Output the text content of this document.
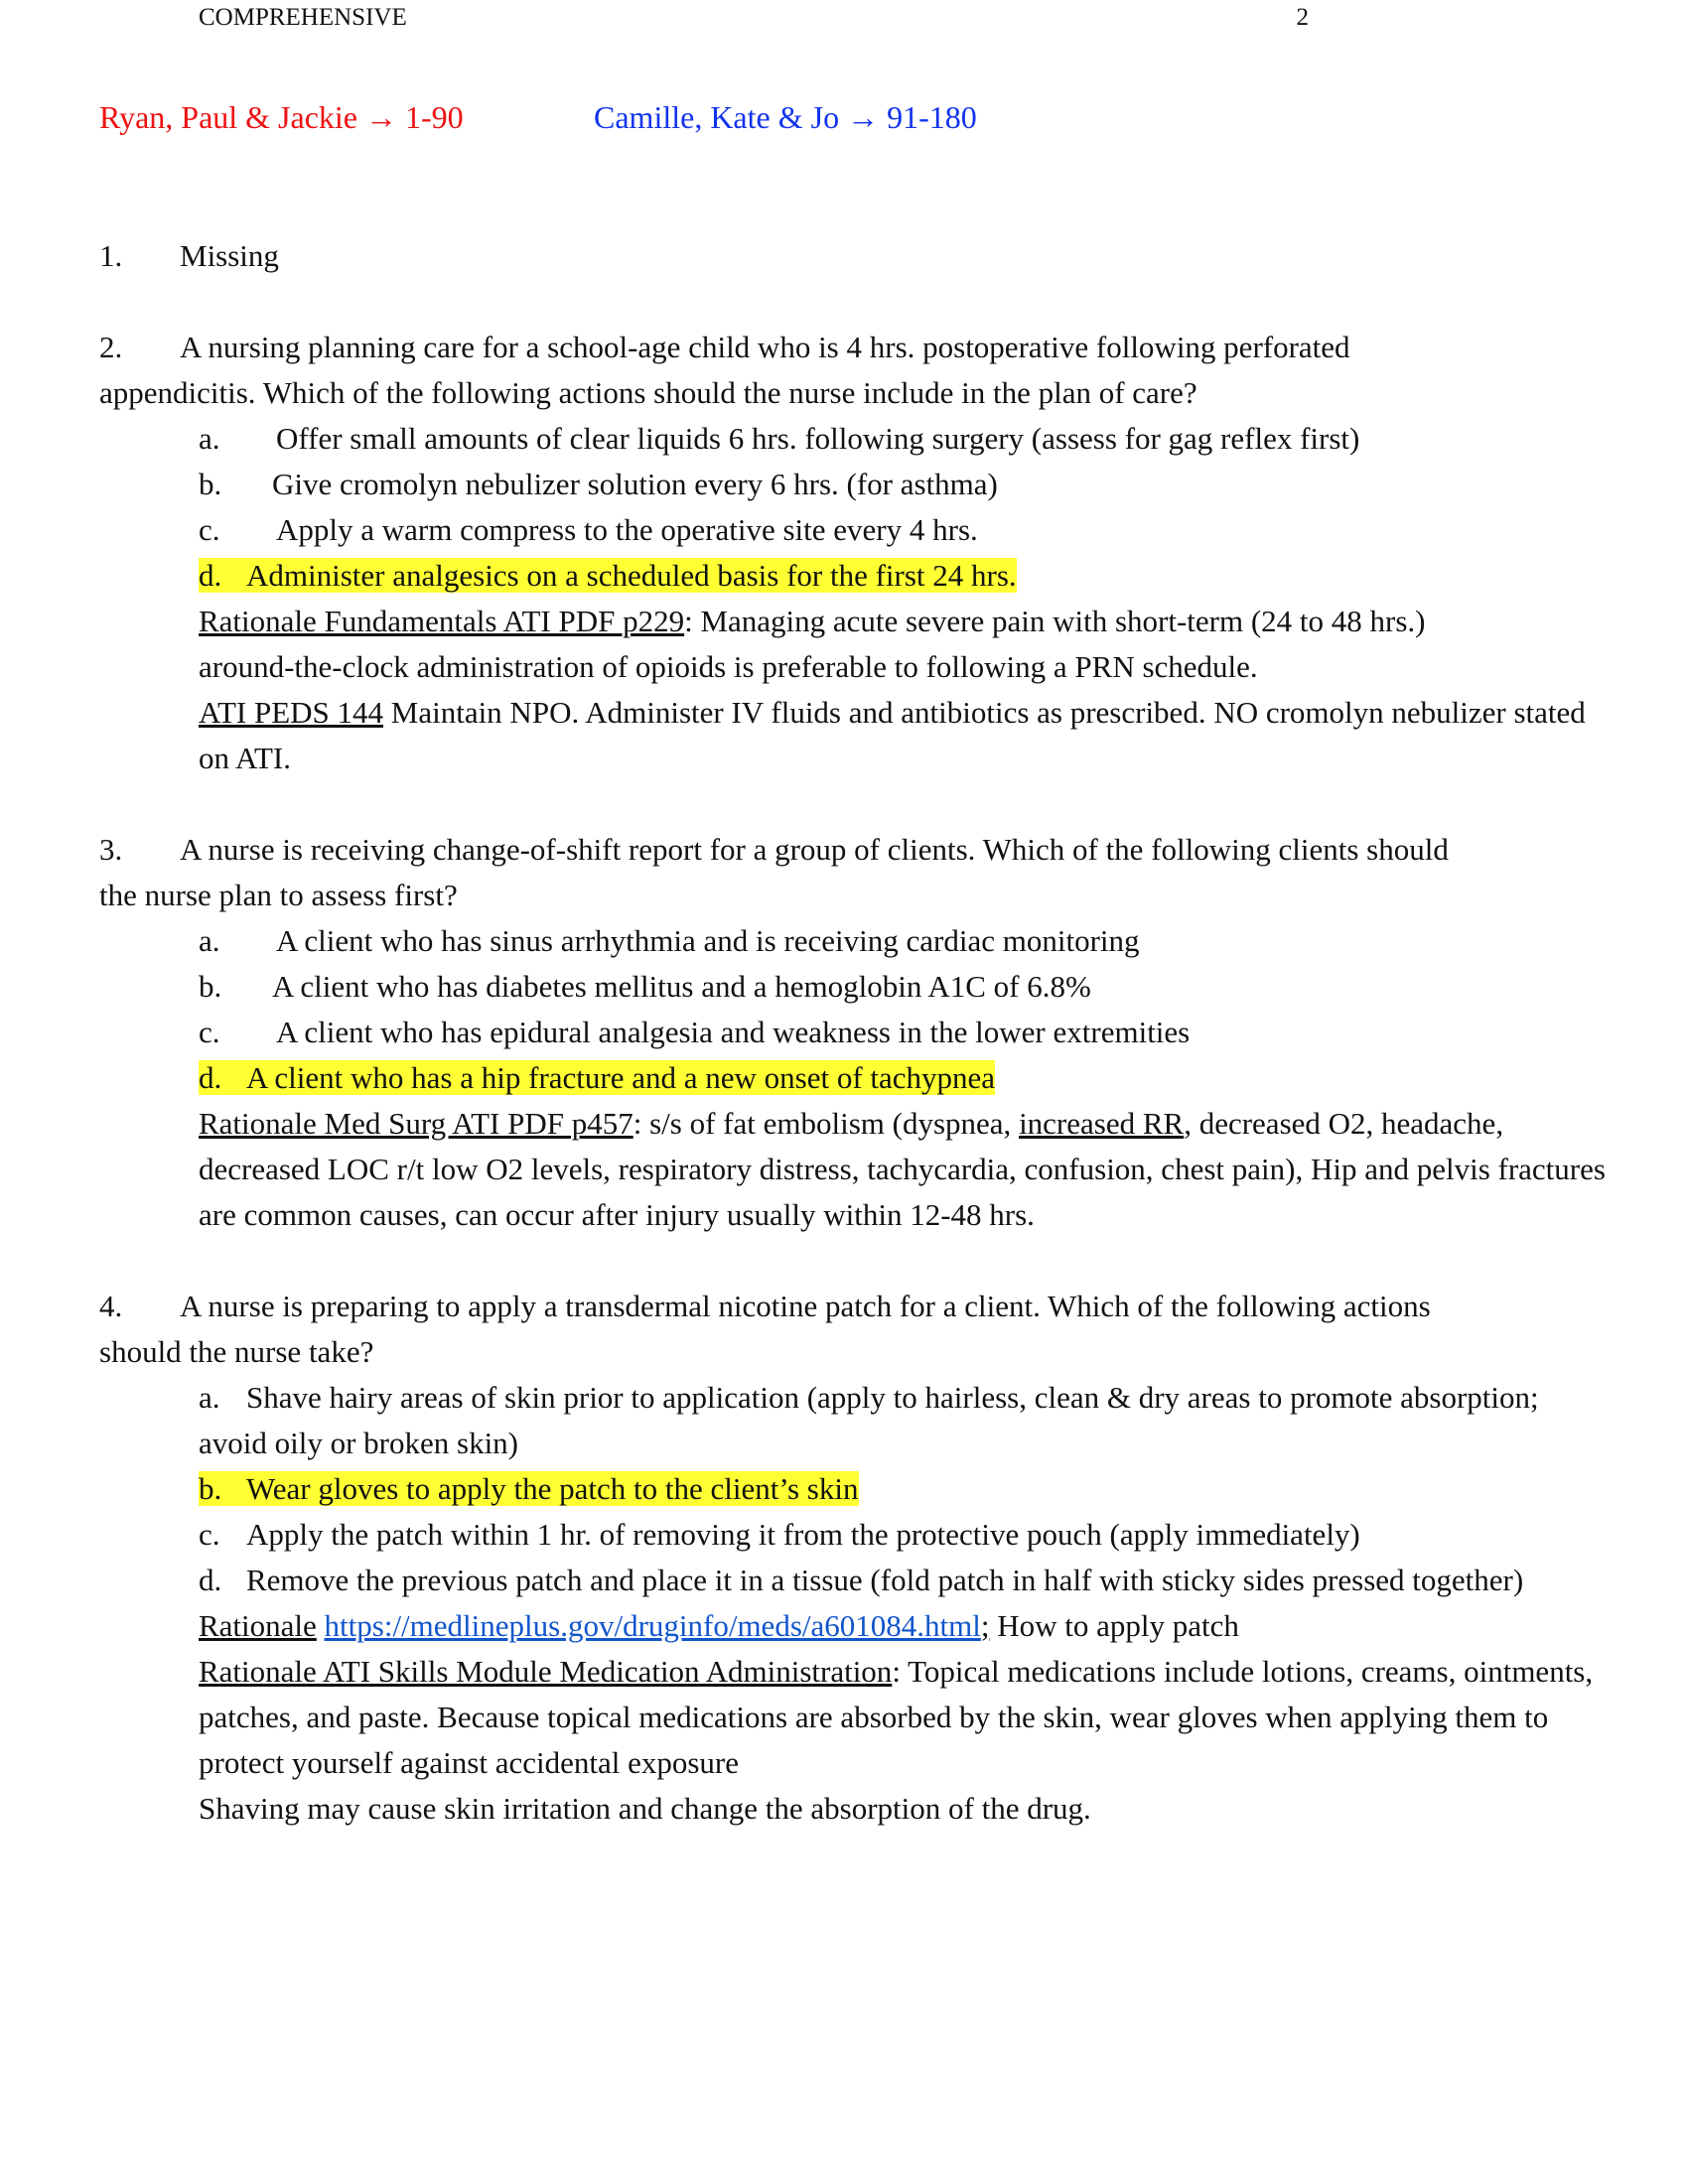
COMPREHENSIVE	2
Ryan, Paul & Jackie → 1-90	Camille, Kate & Jo → 91-180

1. Missing

2. A nursing planning care for a school-age child who is 4 hrs. postoperative following perforated

appendicitis. Which of the following actions should the nurse include in the plan of care?

a. Offer small amounts of clear liquids 6 hrs. following surgery (assess for gag reflex first)

b. Give cromolyn nebulizer solution every 6 hrs. (for asthma)

c. Apply a warm compress to the operative site every 4 hrs.

d. Administer analgesics on a scheduled basis for the first 24 hrs.

Rationale Fundamentals ATI PDF p229: Managing acute severe pain with short‑term (24 to 48 hrs.) around‑the‑clock administration of opioids is preferable to following a PRN schedule.

ATI PEDS 144 Maintain NPO. Administer IV fluids and antibiotics as prescribed. NO cromolyn nebulizer stated on ATI.

3. A nurse is receiving change-of-shift report for a group of clients. Which of the following clients should

the nurse plan to assess first?

a. A client who has sinus arrhythmia and is receiving cardiac monitoring

b. A client who has diabetes mellitus and a hemoglobin A1C of 6.8%

c. A client who has epidural analgesia and weakness in the lower extremities

d. A client who has a hip fracture and a new onset of tachypnea

Rationale Med Surg ATI PDF p457: s/s of fat embolism (dyspnea, increased RR, decreased O2, headache, decreased LOC r/t low O2 levels, respiratory distress, tachycardia, confusion, chest pain), Hip and pelvis fractures are common causes, can occur after injury usually within 12-48 hrs.

4. A nurse is preparing to apply a transdermal nicotine patch for a client. Which of the following actions

should the nurse take?

a. Shave hairy areas of skin prior to application (apply to hairless, clean & dry areas to promote absorption; avoid oily or broken skin)

b. Wear gloves to apply the patch to the client’s skin

c. Apply the patch within 1 hr. of removing it from the protective pouch (apply immediately)

d. Remove the previous patch and place it in a tissue (fold patch in half with sticky sides pressed together)

Rationale https://medlineplus.gov/druginfo/meds/a601084.html; How to apply patch

Rationale ATI Skills Module Medication Administration: Topical medications include lotions, creams, ointments, patches, and paste. Because topical medications are absorbed by the skin, wear gloves when applying them to protect yourself against accidental exposure

Shaving may cause skin irritation and change the absorption of the drug.
